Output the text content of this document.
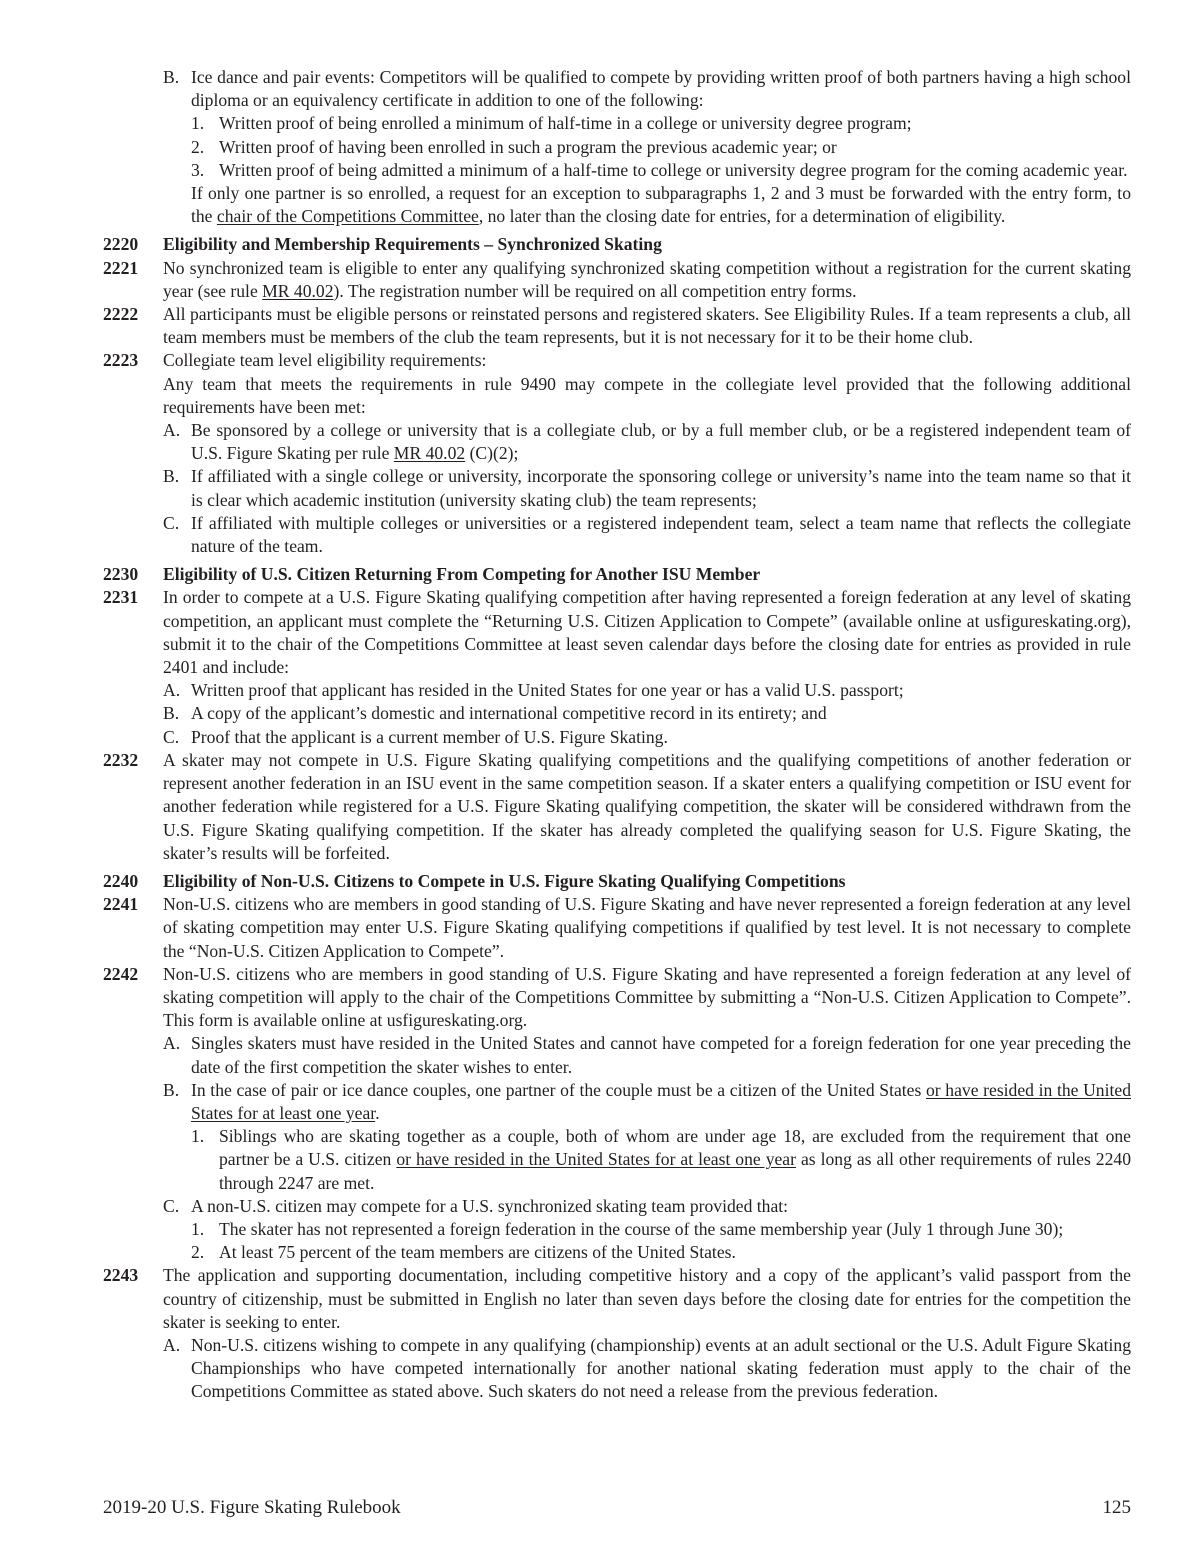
B. Ice dance and pair events: Competitors will be qualified to compete by providing written proof of both partners having a high school diploma or an equivalency certificate in addition to one of the following:
1. Written proof of being enrolled a minimum of half-time in a college or university degree program;
2. Written proof of having been enrolled in such a program the previous academic year; or
3. Written proof of being admitted a minimum of a half-time to college or university degree program for the coming academic year.
If only one partner is so enrolled, a request for an exception to subparagraphs 1, 2 and 3 must be forwarded with the entry form, to the chair of the Competitions Committee, no later than the closing date for entries, for a determination of eligibility.
2220 Eligibility and Membership Requirements – Synchronized Skating
2221 No synchronized team is eligible to enter any qualifying synchronized skating competition without a registration for the current skating year (see rule MR 40.02). The registration number will be required on all competition entry forms.
2222 All participants must be eligible persons or reinstated persons and registered skaters. See Eligibility Rules. If a team represents a club, all team members must be members of the club the team represents, but it is not necessary for it to be their home club.
2223 Collegiate team level eligibility requirements:
Any team that meets the requirements in rule 9490 may compete in the collegiate level provided that the following additional requirements have been met:
A. Be sponsored by a college or university that is a collegiate club, or by a full member club, or be a registered independent team of U.S. Figure Skating per rule MR 40.02 (C)(2);
B. If affiliated with a single college or university, incorporate the sponsoring college or university’s name into the team name so that it is clear which academic institution (university skating club) the team represents;
C. If affiliated with multiple colleges or universities or a registered independent team, select a team name that reflects the collegiate nature of the team.
2230 Eligibility of U.S. Citizen Returning From Competing for Another ISU Member
2231 In order to compete at a U.S. Figure Skating qualifying competition after having represented a foreign federation at any level of skating competition, an applicant must complete the “Returning U.S. Citizen Application to Compete” (available online at usfigureskating.org), submit it to the chair of the Competitions Committee at least seven calendar days before the closing date for entries as provided in rule 2401 and include:
A. Written proof that applicant has resided in the United States for one year or has a valid U.S. passport;
B. A copy of the applicant’s domestic and international competitive record in its entirety; and
C. Proof that the applicant is a current member of U.S. Figure Skating.
2232 A skater may not compete in U.S. Figure Skating qualifying competitions and the qualifying competitions of another federation or represent another federation in an ISU event in the same competition season. If a skater enters a qualifying competition or ISU event for another federation while registered for a U.S. Figure Skating qualifying competition, the skater will be considered withdrawn from the U.S. Figure Skating qualifying competition. If the skater has already completed the qualifying season for U.S. Figure Skating, the skater’s results will be forfeited.
2240 Eligibility of Non-U.S. Citizens to Compete in U.S. Figure Skating Qualifying Competitions
2241 Non-U.S. citizens who are members in good standing of U.S. Figure Skating and have never represented a foreign federation at any level of skating competition may enter U.S. Figure Skating qualifying competitions if qualified by test level. It is not necessary to complete the “Non-U.S. Citizen Application to Compete”.
2242 Non-U.S. citizens who are members in good standing of U.S. Figure Skating and have represented a foreign federation at any level of skating competition will apply to the chair of the Competitions Committee by submitting a “Non-U.S. Citizen Application to Compete”. This form is available online at usfigureskating.org.
A. Singles skaters must have resided in the United States and cannot have competed for a foreign federation for one year preceding the date of the first competition the skater wishes to enter.
B. In the case of pair or ice dance couples, one partner of the couple must be a citizen of the United States or have resided in the United States for at least one year.
1. Siblings who are skating together as a couple, both of whom are under age 18, are excluded from the requirement that one partner be a U.S. citizen or have resided in the United States for at least one year as long as all other requirements of rules 2240 through 2247 are met.
C. A non-U.S. citizen may compete for a U.S. synchronized skating team provided that:
1. The skater has not represented a foreign federation in the course of the same membership year (July 1 through June 30);
2. At least 75 percent of the team members are citizens of the United States.
2243 The application and supporting documentation, including competitive history and a copy of the applicant’s valid passport from the country of citizenship, must be submitted in English no later than seven days before the closing date for entries for the competition the skater is seeking to enter.
A. Non-U.S. citizens wishing to compete in any qualifying (championship) events at an adult sectional or the U.S. Adult Figure Skating Championships who have competed internationally for another national skating federation must apply to the chair of the Competitions Committee as stated above. Such skaters do not need a release from the previous federation.
2019-20 U.S. Figure Skating Rulebook	125
